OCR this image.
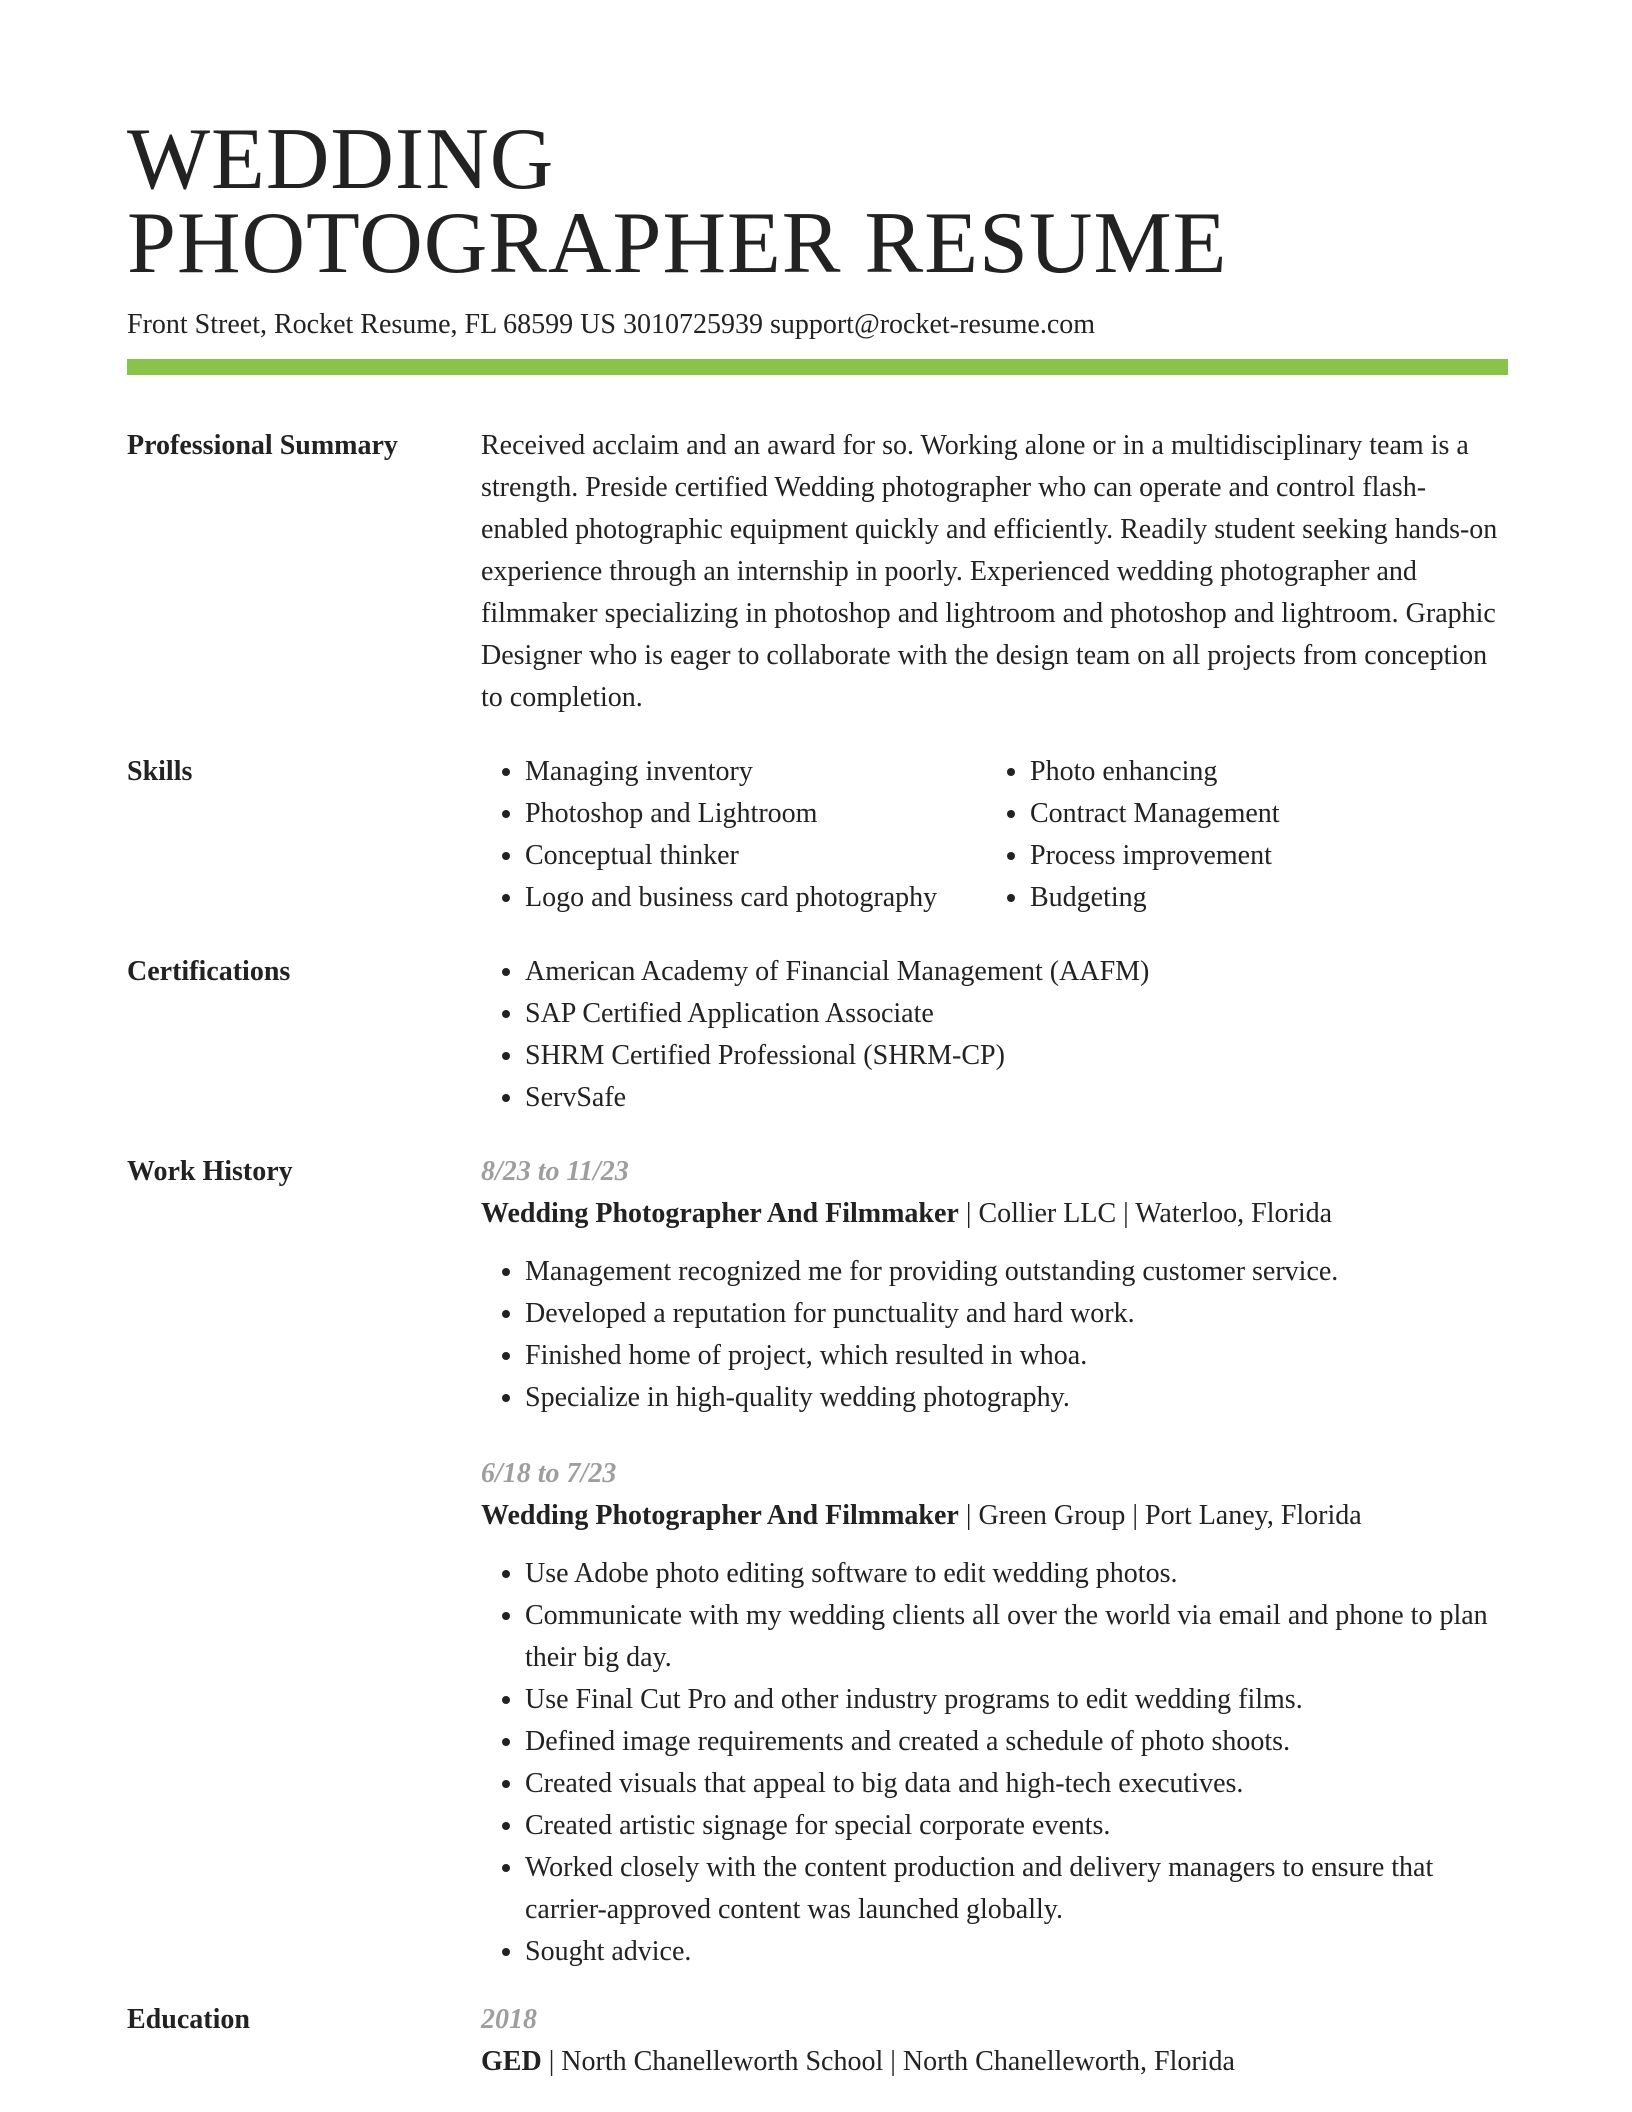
WEDDING
PHOTOGRAPHER RESUME
Front Street, Rocket Resume, FL 68599 US 3010725939 support@rocket-resume.com
Professional Summary	Received acclaim and an award for so. Working alone or in a multidisciplinary team is a strength. Preside certified Wedding photographer who can operate and control flash-enabled photographic equipment quickly and efficiently. Readily student seeking hands-on experience through an internship in poorly. Experienced wedding photographer and filmmaker specializing in photoshop and lightroom and photoshop and lightroom. Graphic Designer who is eager to collaborate with the design team on all projects from conception to completion.

Skills	• Managing inventory
• Photoshop and Lightroom
• Conceptual thinker
• Logo and business card photography
• Photo enhancing
• Contract Management
• Process improvement
• Budgeting
Certifications	• American Academy of Financial Management (AAFM)
• SAP Certified Application Associate
• SHRM Certified Professional (SHRM-CP)
• ServSafe
Work History	8/23 to 11/23
Wedding Photographer And Filmmaker | Collier LLC | Waterloo, Florida
• Management recognized me for providing outstanding customer service.
• Developed a reputation for punctuality and hard work.
• Finished home of project, which resulted in whoa.
• Specialize in high-quality wedding photography.
6/18 to 7/23
Wedding Photographer And Filmmaker | Green Group | Port Laney, Florida
• Use Adobe photo editing software to edit wedding photos.
• Communicate with my wedding clients all over the world via email and phone to plan their big day.
• Use Final Cut Pro and other industry programs to edit wedding films.
• Defined image requirements and created a schedule of photo shoots.
• Created visuals that appeal to big data and high-tech executives.
• Created artistic signage for special corporate events.
• Worked closely with the content production and delivery managers to ensure that carrier-approved content was launched globally.
• Sought advice.
Education	2018
GED | North Chanelleworth School | North Chanelleworth, Florida
